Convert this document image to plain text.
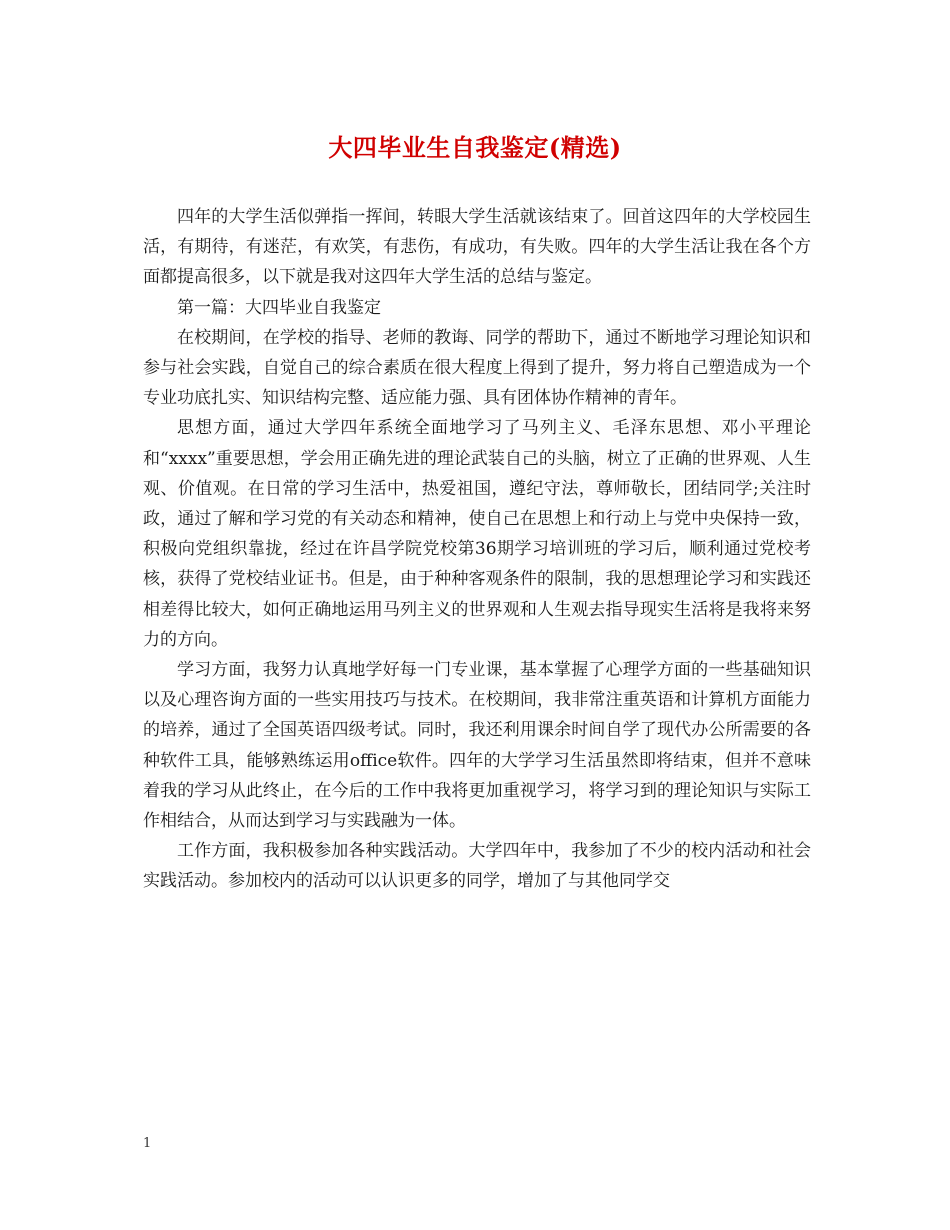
大四毕业生自我鉴定(精选)

四年的大学生活似弹指一挥间，转眼大学生活就该结束了。回首这四年的大学校园生活，有期待，有迷茫，有欢笑，有悲伤，有成功，有失败。四年的大学生活让我在各个方面都提高很多，以下就是我对这四年大学生活的总结与鉴定。

第一篇：大四毕业自我鉴定

在校期间，在学校的指导、老师的教诲、同学的帮助下，通过不断地学习理论知识和参与社会实践，自觉自己的综合素质在很大程度上得到了提升，努力将自己塑造成为一个专业功底扎实、知识结构完整、适应能力强、具有团体协作精神的青年。

思想方面，通过大学四年系统全面地学习了马列主义、毛泽东思想、邓小平理论和“xxxx”重要思想，学会用正确先进的理论武装自己的头脑，树立了正确的世界观、人生观、价值观。在日常的学习生活中，热爱祖国，遵纪守法，尊师敬长，团结同学;关注时政，通过了解和学习党的有关动态和精神，使自己在思想上和行动上与党中央保持一致，积极向党组织靠拢，经过在许昌学院党校第36期学习培训班的学习后，顺利通过党校考核，获得了党校结业证书。但是，由于种种客观条件的限制，我的思想理论学习和实践还相差得比较大，如何正确地运用马列主义的世界观和人生观去指导现实生活将是我将来努力的方向。

学习方面，我努力认真地学好每一门专业课，基本掌握了心理学方面的一些基础知识以及心理咨询方面的一些实用技巧与技术。在校期间，我非常注重英语和计算机方面能力的培养，通过了全国英语四级考试。同时，我还利用课余时间自学了现代办公所需要的各种软件工具，能够熟练运用office软件。四年的大学学习生活虽然即将结束，但并不意味着我的学习从此终止，在今后的工作中我将更加重视学习，将学习到的理论知识与实际工作相结合，从而达到学习与实践融为一体。

工作方面，我积极参加各种实践活动。大学四年中，我参加了不少的校内活动和社会实践活动。参加校内的活动可以认识更多的同学，增加了与其他同学交

1
